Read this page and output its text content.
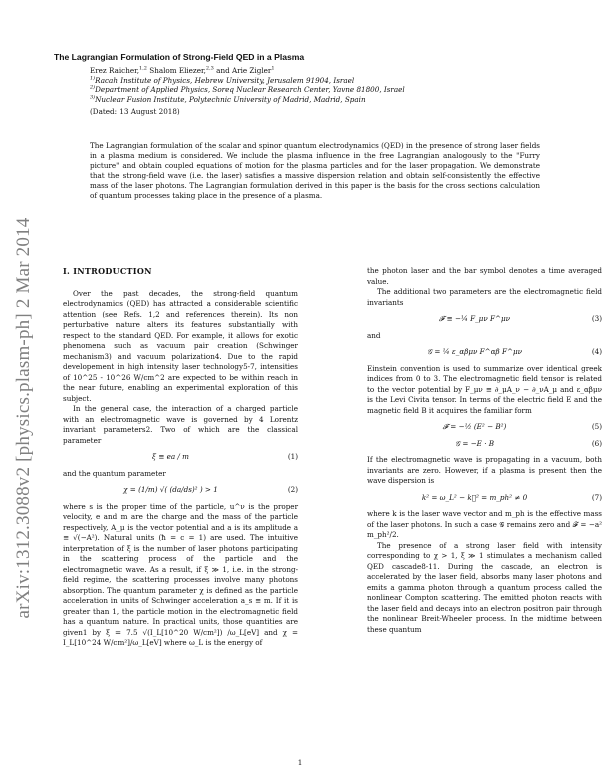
arXiv:1312.3088v2 [physics.plasm-ph] 2 Mar 2014
The Lagrangian Formulation of Strong-Field QED in a Plasma
Erez Raicher,$^{1,2}$ Shalom Eliezer,$^{2,3}$ and Arie Zigler$^1$
$^{1)}$Racah Institute of Physics, Hebrew University, Jerusalem 91904, Israel
$^{2)}$Department of Applied Physics, Soreq Nuclear Research Center, Yavne 81800, Israel
$^{3)}$Nuclear Fusion Institute, Polytechnic University of Madrid, Madrid, Spain
(Dated: 13 August 2018)

The Lagrangian formulation of the scalar and spinor quantum electrodynamics (QED) in the presence of strong laser fields in a plasma medium is considered. We include the plasma influence in the free Lagrangian analogously to the "Furry picture" and obtain coupled equations of motion for the plasma particles and for the laser propagation. We demonstrate that the strong-field wave (i.e. the laser) satisfies a massive dispersion relation and obtain self-consistently the effective mass of the laser photons. The Lagrangian formulation derived in this paper is the basis for the cross sections calculation of quantum processes taking place in the presence of a plasma.

I. INTRODUCTION

Over the past decades, the strong-field quantum electrodynamics (QED) has attracted a considerable scientific attention (see Refs. 1,2 and references therein). Its non perturbative nature alters its features substantially with respect to the standard QED. For example, it allows for exotic phenomena such as vacuum pair creation (Schwinger mechanism3) and vacuum polarization4. Due to the rapid developement in high intensity laser technology5-7, intensities of 10^25 - 10^26 W/cm^2 are expected to be within reach in the near future, enabling an experimental exploration of this subject.

In the general case, the interaction of a charged particle with an electromagnetic wave is governed by 4 Lorentz invariant parameters2. Two of which are the classical parameter

ξ ≡ ea / m	(1)

and the quantum parameter

χ = (1/m) √( (da/ds)² ) > 1	(2)

where s is the proper time of the particle, u^ν is the proper velocity, e and m are the charge and the mass of the particle respectively, A_μ is the vector potential and a is its amplitude a ≡ √(−A²). Natural units (ħ = c = 1) are used. The intuitive interpretation of ξ is the number of laser photons participating in the scattering process of the particle and the electromagnetic wave. As a result, if ξ ≫ 1, i.e. in the strong-field regime, the scattering processes involve many photons absorption. The quantum parameter χ is defined as the particle acceleration in units of Schwinger acceleration a_s ≡ m. If it is greater than 1, the particle motion in the electromagnetic field has a quantum nature. In practical units, those quantities are given1 by ξ = 7.5 √(I_L[10^20 W/cm²]) /ω_L[eV] and χ = I_L[10^24 W/cm²]/ω_L[eV] where ω_L is the energy of

the photon laser and the bar symbol denotes a time averaged value.

The additional two parameters are the electromagnetic field invariants

𝓕 ≡ −¼ F_μν F^μν	(3)

and

𝒢 = ¼ ε_αβμν F^αβ F^μν	(4)

Einstein convention is used to summarize over identical greek indices from 0 to 3. The electromagnetic field tensor is related to the vector potential by F_μν ≡ ∂_μA_ν − ∂_νA_μ and ε_αβμν is the Levi Civita tensor. In terms of the electric field E and the magnetic field B it acquires the familiar form

𝓕 = −½ (E² − B²)	(5)
𝒢 = −E · B	(6)

If the electromagnetic wave is propagating in a vacuum, both invariants are zero. However, if a plasma is present then the wave dispersion is

k² = ω_L² − k⃗² = m_ph² ≠ 0	(7)

where k is the laser wave vector and m_ph is the effective mass of the laser photons. In such a case 𝒢 remains zero and 𝓕 = −a² m_ph²/2.

The presence of a strong laser field with intensity corresponding to χ > 1, ξ ≫ 1 stimulates a mechanism called QED cascade8-11. During the cascade, an electron is accelerated by the laser field, absorbs many laser photons and emits a gamma photon through a quantum process called the nonlinear Compton scattering. The emitted photon reacts with the laser field and decays into an electron positron pair through the nonlinear Breit-Wheeler process. In the midtime between these quantum

1
